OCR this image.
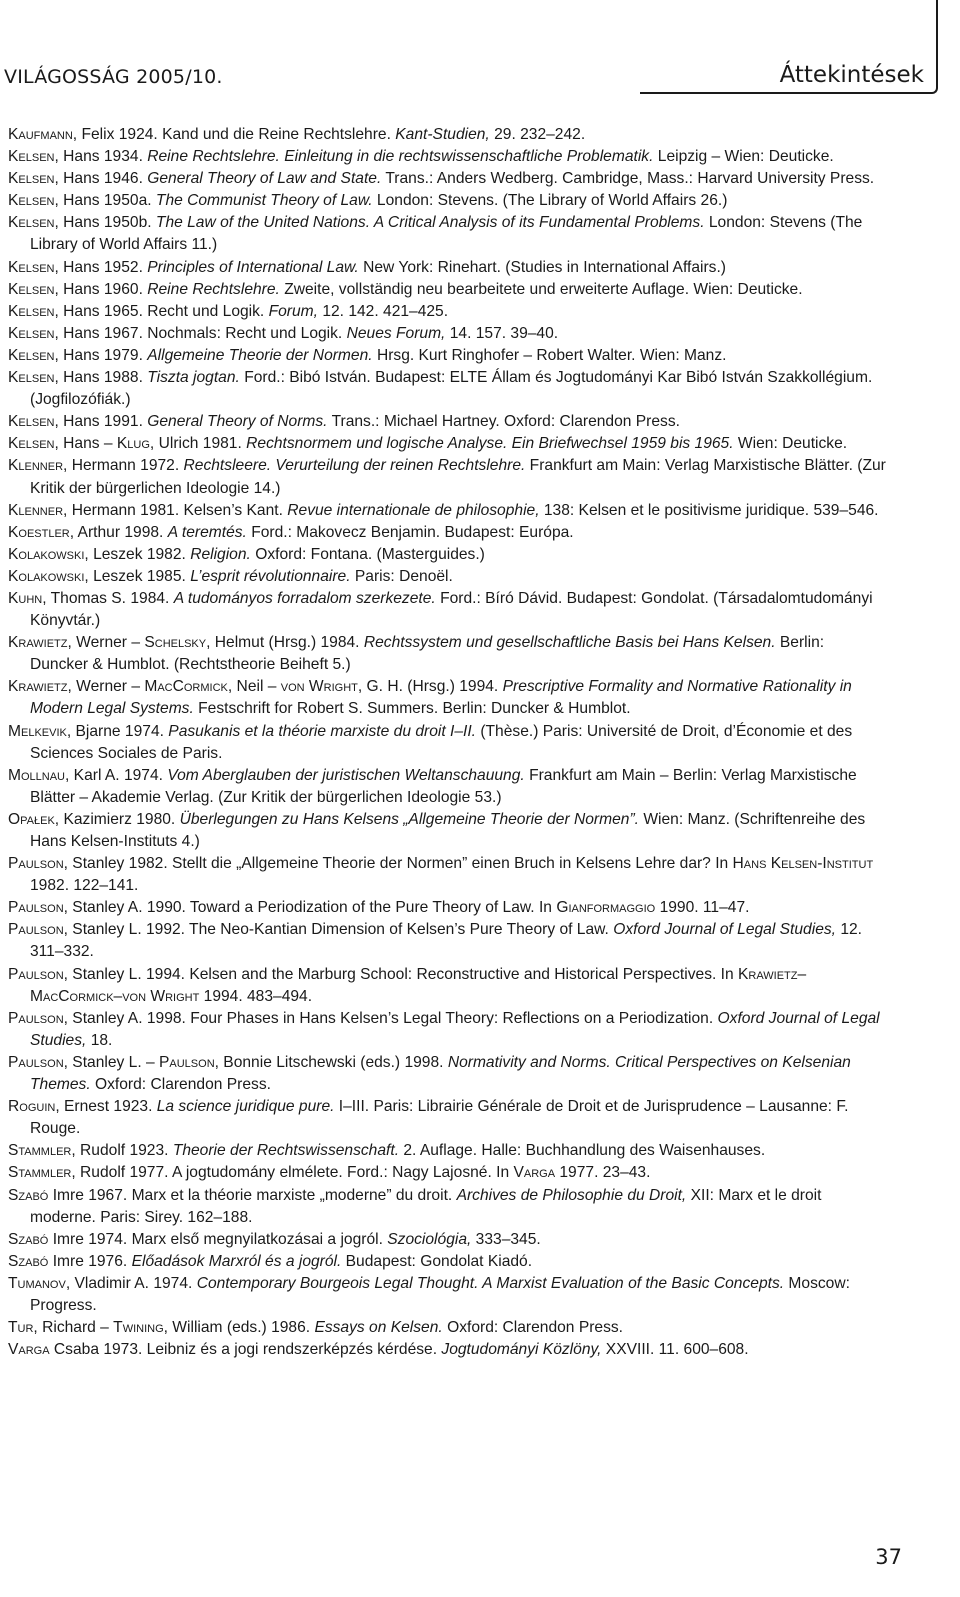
VILÁGOSSÁG 2005/10.	Áttekintések

Kaufmann, Felix 1924. Kand und die Reine Rechtslehre. Kant-Studien, 29. 232–242.

Kelsen, Hans 1934. Reine Rechtslehre. Einleitung in die rechtswissenschaftliche Problematik. Leipzig – Wien: Deuticke.

Kelsen, Hans 1946. General Theory of Law and State. Trans.: Anders Wedberg. Cambridge, Mass.: Harvard University Press.

Kelsen, Hans 1950a. The Communist Theory of Law. London: Stevens. (The Library of World Affairs 26.)

Kelsen, Hans 1950b. The Law of the United Nations. A Critical Analysis of its Fundamental Problems. London: Stevens (The Library of World Affairs 11.)

Kelsen, Hans 1952. Principles of International Law. New York: Rinehart. (Studies in International Affairs.)

Kelsen, Hans 1960. Reine Rechtslehre. Zweite, vollständig neu bearbeitete und erweiterte Auflage. Wien: Deuticke.

Kelsen, Hans 1965. Recht und Logik. Forum, 12. 142. 421–425.

Kelsen, Hans 1967. Nochmals: Recht und Logik. Neues Forum, 14. 157. 39–40.

Kelsen, Hans 1979. Allgemeine Theorie der Normen. Hrsg. Kurt Ringhofer – Robert Walter. Wien: Manz.

Kelsen, Hans 1988. Tiszta jogtan. Ford.: Bibó István. Budapest: ELTE Állam és Jogtudományi Kar Bibó István Szakkollégium. (Jogfilozófiák.)

Kelsen, Hans 1991. General Theory of Norms. Trans.: Michael Hartney. Oxford: Clarendon Press.

Kelsen, Hans – Klug, Ulrich 1981. Rechtsnormem und logische Analyse. Ein Briefwechsel 1959 bis 1965. Wien: Deuticke.

Klenner, Hermann 1972. Rechtsleere. Verurteilung der reinen Rechtslehre. Frankfurt am Main: Verlag Marxistische Blätter. (Zur Kritik der bürgerlichen Ideologie 14.)

Klenner, Hermann 1981. Kelsen’s Kant. Revue internationale de philosophie, 138: Kelsen et le positivisme juridique. 539–546.

Koestler, Arthur 1998. A teremtés. Ford.: Makovecz Benjamin. Budapest: Európa.

Kolakowski, Leszek 1982. Religion. Oxford: Fontana. (Masterguides.)

Kolakowski, Leszek 1985. L’esprit révolutionnaire. Paris: Denoël.

Kuhn, Thomas S. 1984. A tudományos forradalom szerkezete. Ford.: Bíró Dávid. Budapest: Gondolat. (Társadalomtudományi Könyvtár.)

Krawietz, Werner – Schelsky, Helmut (Hrsg.) 1984. Rechtssystem und gesellschaftliche Basis bei Hans Kelsen. Berlin: Duncker & Humblot. (Rechtstheorie Beiheft 5.)

Krawietz, Werner – MacCormick, Neil – von Wright, G. H. (Hrsg.) 1994. Prescriptive Formality and Normative Rationality in Modern Legal Systems. Festschrift for Robert S. Summers. Berlin: Duncker & Humblot.

Melkevik, Bjarne 1974. Pasukanis et la théorie marxiste du droit I–II. (Thèse.) Paris: Université de Droit, d’Économie et des Sciences Sociales de Paris.

Mollnau, Karl A. 1974. Vom Aberglauben der juristischen Weltanschauung. Frankfurt am Main – Berlin: Verlag Marxistische Blätter – Akademie Verlag. (Zur Kritik der bürgerlichen Ideologie 53.)

Opałek, Kazimierz 1980. Überlegungen zu Hans Kelsens „Allgemeine Theorie der Normen”. Wien: Manz. (Schriftenreihe des Hans Kelsen-Instituts 4.)

Paulson, Stanley 1982. Stellt die „Allgemeine Theorie der Normen” einen Bruch in Kelsens Lehre dar? In Hans Kelsen-Institut 1982. 122–141.

Paulson, Stanley A. 1990. Toward a Periodization of the Pure Theory of Law. In Gianformaggio 1990. 11–47.

Paulson, Stanley L. 1992. The Neo-Kantian Dimension of Kelsen’s Pure Theory of Law. Oxford Journal of Legal Studies, 12. 311–332.

Paulson, Stanley L. 1994. Kelsen and the Marburg School: Reconstructive and Historical Perspectives. In Krawietz–MacCormick–von Wright 1994. 483–494.

Paulson, Stanley A. 1998. Four Phases in Hans Kelsen’s Legal Theory: Reflections on a Periodization. Oxford Journal of Legal Studies, 18.

Paulson, Stanley L. – Paulson, Bonnie Litschewski (eds.) 1998. Normativity and Norms. Critical Perspectives on Kelsenian Themes. Oxford: Clarendon Press.

Roguin, Ernest 1923. La science juridique pure. I–III. Paris: Librairie Générale de Droit et de Jurisprudence – Lausanne: F. Rouge.

Stammler, Rudolf 1923. Theorie der Rechtswissenschaft. 2. Auflage. Halle: Buchhandlung des Waisenhauses.

Stammler, Rudolf 1977. A jogtudomány elmélete. Ford.: Nagy Lajosné. In Varga 1977. 23–43.

Szabó Imre 1967. Marx et la théorie marxiste „moderne” du droit. Archives de Philosophie du Droit, XII: Marx et le droit moderne. Paris: Sirey. 162–188.

Szabó Imre 1974. Marx első megnyilatkozásai a jogról. Szociológia, 333–345.

Szabó Imre 1976. Előadások Marxról és a jogról. Budapest: Gondolat Kiadó.

Tumanov, Vladimir A. 1974. Contemporary Bourgeois Legal Thought. A Marxist Evaluation of the Basic Concepts. Moscow: Progress.

Tur, Richard – Twining, William (eds.) 1986. Essays on Kelsen. Oxford: Clarendon Press.

Varga Csaba 1973. Leibniz és a jogi rendszerképzés kérdése. Jogtudományi Közlöny, XXVIII. 11. 600–608.

37
